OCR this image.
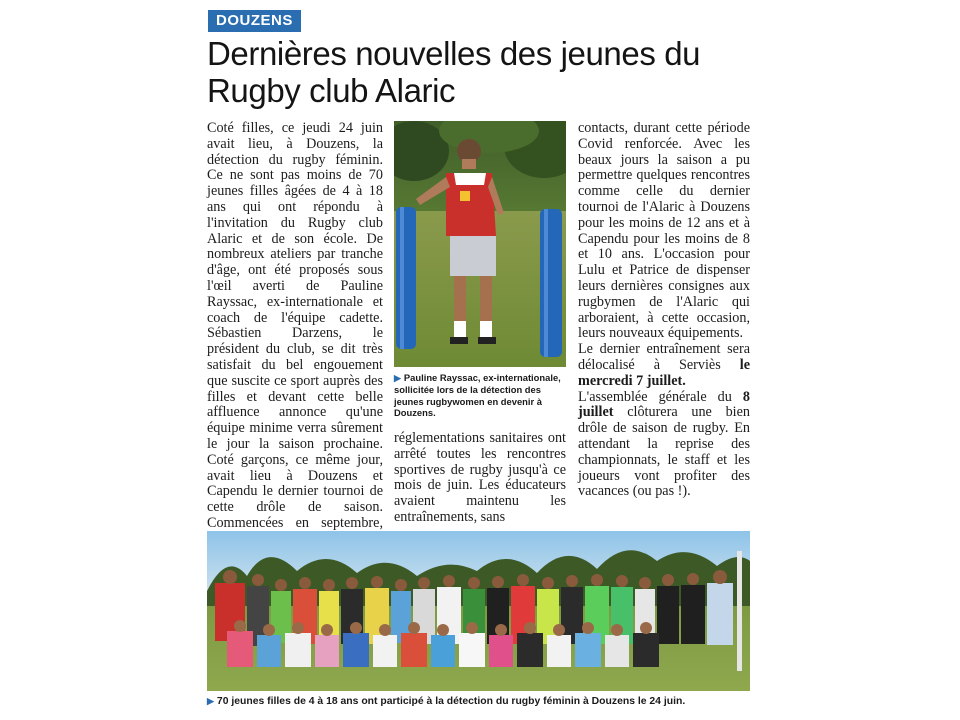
DOUZENS
Dernières nouvelles des jeunes du Rugby club Alaric

Coté filles, ce jeudi 24 juin avait lieu, à Douzens, la détection du rugby féminin. Ce ne sont pas moins de 70 jeunes filles âgées de 4 à 18 ans qui ont répondu à l'invitation du Rugby club Alaric et de son école. De nombreux ateliers par tranche d'âge, ont été proposés sous l'œil averti de Pauline Rayssac, ex-internationale et coach de l'équipe cadette. Sébastien Darzens, le président du club, se dit très satisfait du bel engouement que suscite ce sport auprès des filles et devant cette belle affluence annonce qu'une équipe minime verra sûrement le jour la saison prochaine. Coté garçons, ce même jour, avait lieu à Douzens et Capendu le dernier tournoi de cette drôle de saison. Commencées en septembre,

▶ Pauline Rayssac, ex-internationale, sollicitée lors de la détection des jeunes rugbywomen en devenir à Douzens.

réglementations sanitaires ont arrêté toutes les rencontres sportives de rugby jusqu'à ce mois de juin. Les éducateurs avaient maintenu les entraînements, sans

contacts, durant cette période Covid renforcée. Avec les beaux jours la saison a pu permettre quelques rencontres comme celle du dernier tournoi de l'Alaric à Douzens pour les moins de 12 ans et à Capendu pour les moins de 8 et 10 ans. L'occasion pour Lulu et Patrice de dispenser leurs dernières consignes aux rugbymen de l'Alaric qui arboraient, à cette occasion, leurs nouveaux équipements.
Le dernier entraînement sera délocalisé à Serviès le mercredi 7 juillet.
L'assemblée générale du 8 juillet clôturera une bien drôle de saison de rugby. En attendant la reprise des championnats, le staff et les joueurs vont profiter des vacances (ou pas !).
▶ 70 jeunes filles de 4 à 18 ans ont participé à la détection du rugby féminin à Douzens le 24 juin.
